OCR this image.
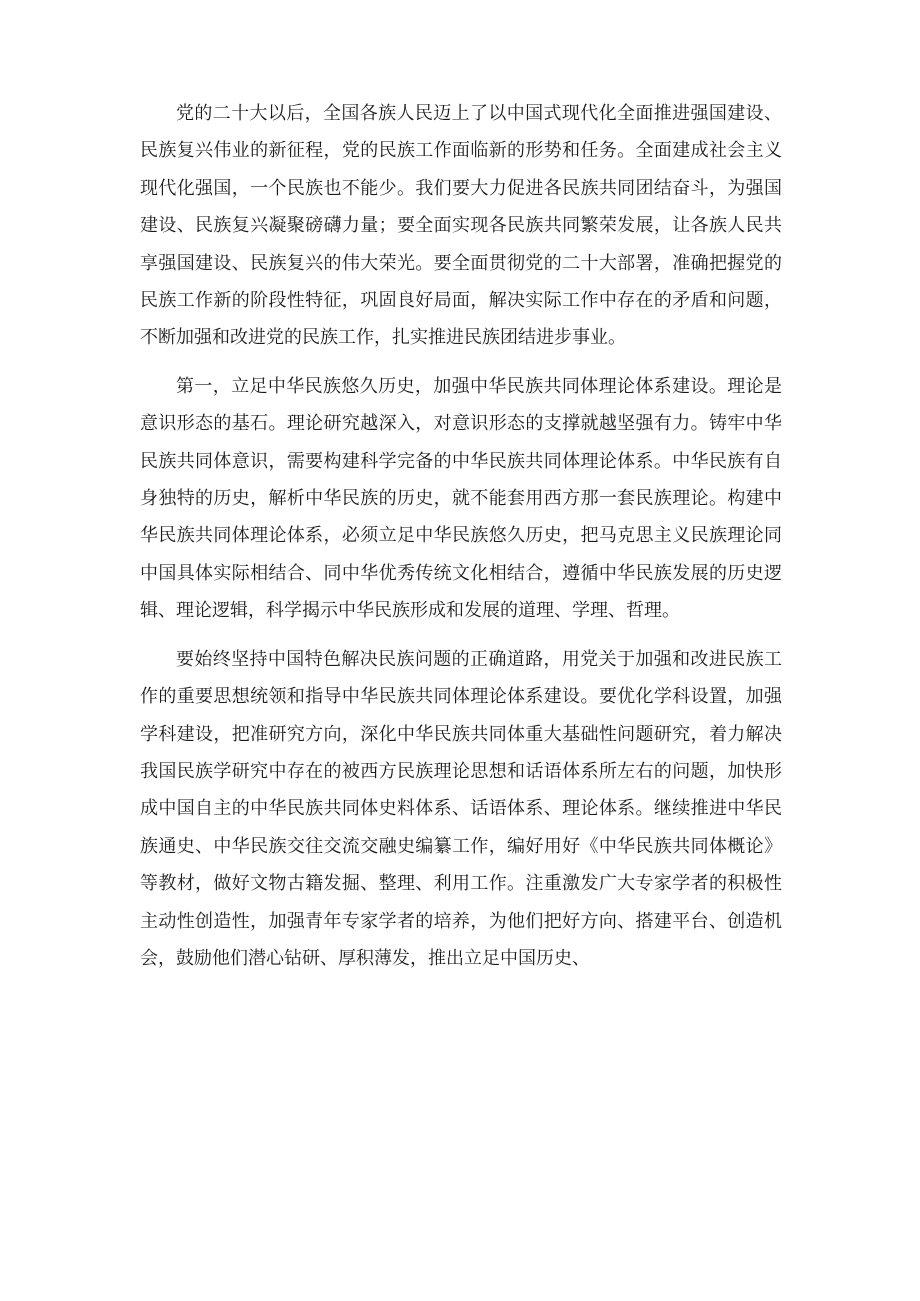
党的二十大以后，全国各族人民迈上了以中国式现代化全面推进强国建设、民族复兴伟业的新征程，党的民族工作面临新的形势和任务。全面建成社会主义现代化强国，一个民族也不能少。我们要大力促进各民族共同团结奋斗，为强国建设、民族复兴凝聚磅礴力量；要全面实现各民族共同繁荣发展，让各族人民共享强国建设、民族复兴的伟大荣光。要全面贯彻党的二十大部署，准确把握党的民族工作新的阶段性特征，巩固良好局面，解决实际工作中存在的矛盾和问题，不断加强和改进党的民族工作，扎实推进民族团结进步事业。

第一，立足中华民族悠久历史，加强中华民族共同体理论体系建设。理论是意识形态的基石。理论研究越深入，对意识形态的支撑就越坚强有力。铸牢中华民族共同体意识，需要构建科学完备的中华民族共同体理论体系。中华民族有自身独特的历史，解析中华民族的历史，就不能套用西方那一套民族理论。构建中华民族共同体理论体系，必须立足中华民族悠久历史，把马克思主义民族理论同中国具体实际相结合、同中华优秀传统文化相结合，遵循中华民族发展的历史逻辑、理论逻辑，科学揭示中华民族形成和发展的道理、学理、哲理。

要始终坚持中国特色解决民族问题的正确道路，用党关于加强和改进民族工作的重要思想统领和指导中华民族共同体理论体系建设。要优化学科设置，加强学科建设，把准研究方向，深化中华民族共同体重大基础性问题研究，着力解决我国民族学研究中存在的被西方民族理论思想和话语体系所左右的问题，加快形成中国自主的中华民族共同体史料体系、话语体系、理论体系。继续推进中华民族通史、中华民族交往交流交融史编纂工作，编好用好《中华民族共同体概论》等教材，做好文物古籍发掘、整理、利用工作。注重激发广大专家学者的积极性主动性创造性，加强青年专家学者的培养，为他们把好方向、搭建平台、创造机会，鼓励他们潜心钻研、厚积薄发，推出立足中国历史、
